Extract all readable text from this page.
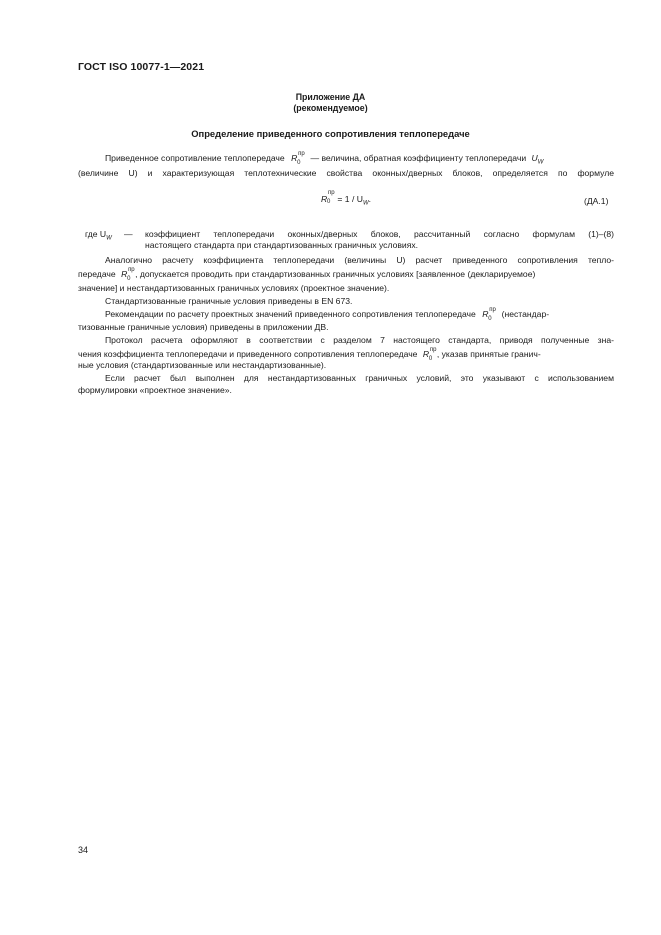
ГОСТ ISO 10077-1—2021
Приложение ДА
(рекомендуемое)
Определение приведенного сопротивления теплопередаче
Приведенное сопротивление теплопередаче R пр
0 — величина, обратная коэффициенту теплопередачи $U_W$
(величине U) и характеризующая теплотехнические свойства оконных/дверных блоков, определяется по формуле
R
пр
$0 = 1 / U_W$.	(ДА.1)
где $U_W$ — коэффициент теплопередачи оконных/дверных блоков, рассчитанный согласно формулам (1)–(8)
настоящего стандарта при стандартизованных граничных условиях.
Аналогично расчету коэффициента теплопередачи (величины U) расчет приведенного сопротивления тепло-
передаче R пр
0 , допускается проводить при стандартизованных граничных условиях [заявленное (декларируемое)
значение] и нестандартизованных граничных условиях (проектное значение).
Стандартизованные граничные условия приведены в EN 673.
Рекомендации по расчету проектных значений приведенного сопротивления теплопередаче R пр
0 (нестандар-
тизованные граничные условия) приведены в приложении ДВ.
Протокол расчета оформляют в соответствии с разделом 7 настоящего стандарта, приводя полученные зна-
чения коэффициента теплопередачи и приведенного сопротивления теплопередаче R пр
0 , указав принятые гранич-
ные условия (стандартизованные или нестандартизованные).
Если расчет был выполнен для нестандартизованных граничных условий, это указывают с использованием
формулировки «проектное значение».
34
